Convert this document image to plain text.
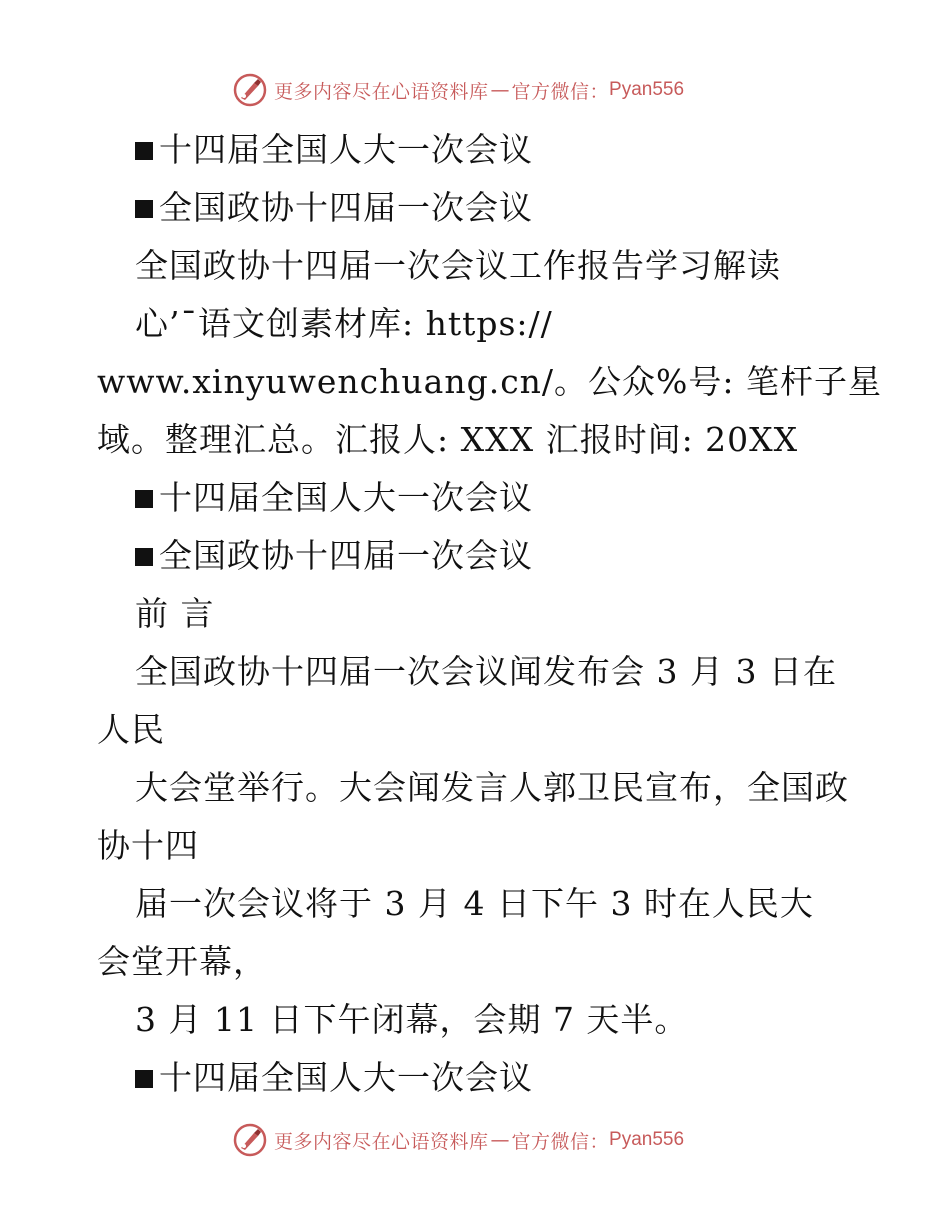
更多内容尽在心语资料库 — 官方微信： Pyan556
十四届全国人大一次会议
全国政协十四届一次会议
全国政协十四届一次会议工作报告学习解读
心’¯语文创素材库: https://
www.xinyuwenchuang.cn/。公众%号: 笔杆子星
域。整理汇总。汇报人: XXX 汇报时间: 20XX
十四届全国人大一次会议
全国政协十四届一次会议
前 言
全国政协十四届一次会议闻发布会 3 月 3 日在
人民
大会堂举行。大会闻发言人郭卫民宣布，全国政
协十四
届一次会议将于 3 月 4 日下午 3 时在人民大
会堂开幕，
3 月 11 日下午闭幕，会期 7 天半。
十四届全国人大一次会议
更多内容尽在心语资料库 — 官方微信： Pyan556
